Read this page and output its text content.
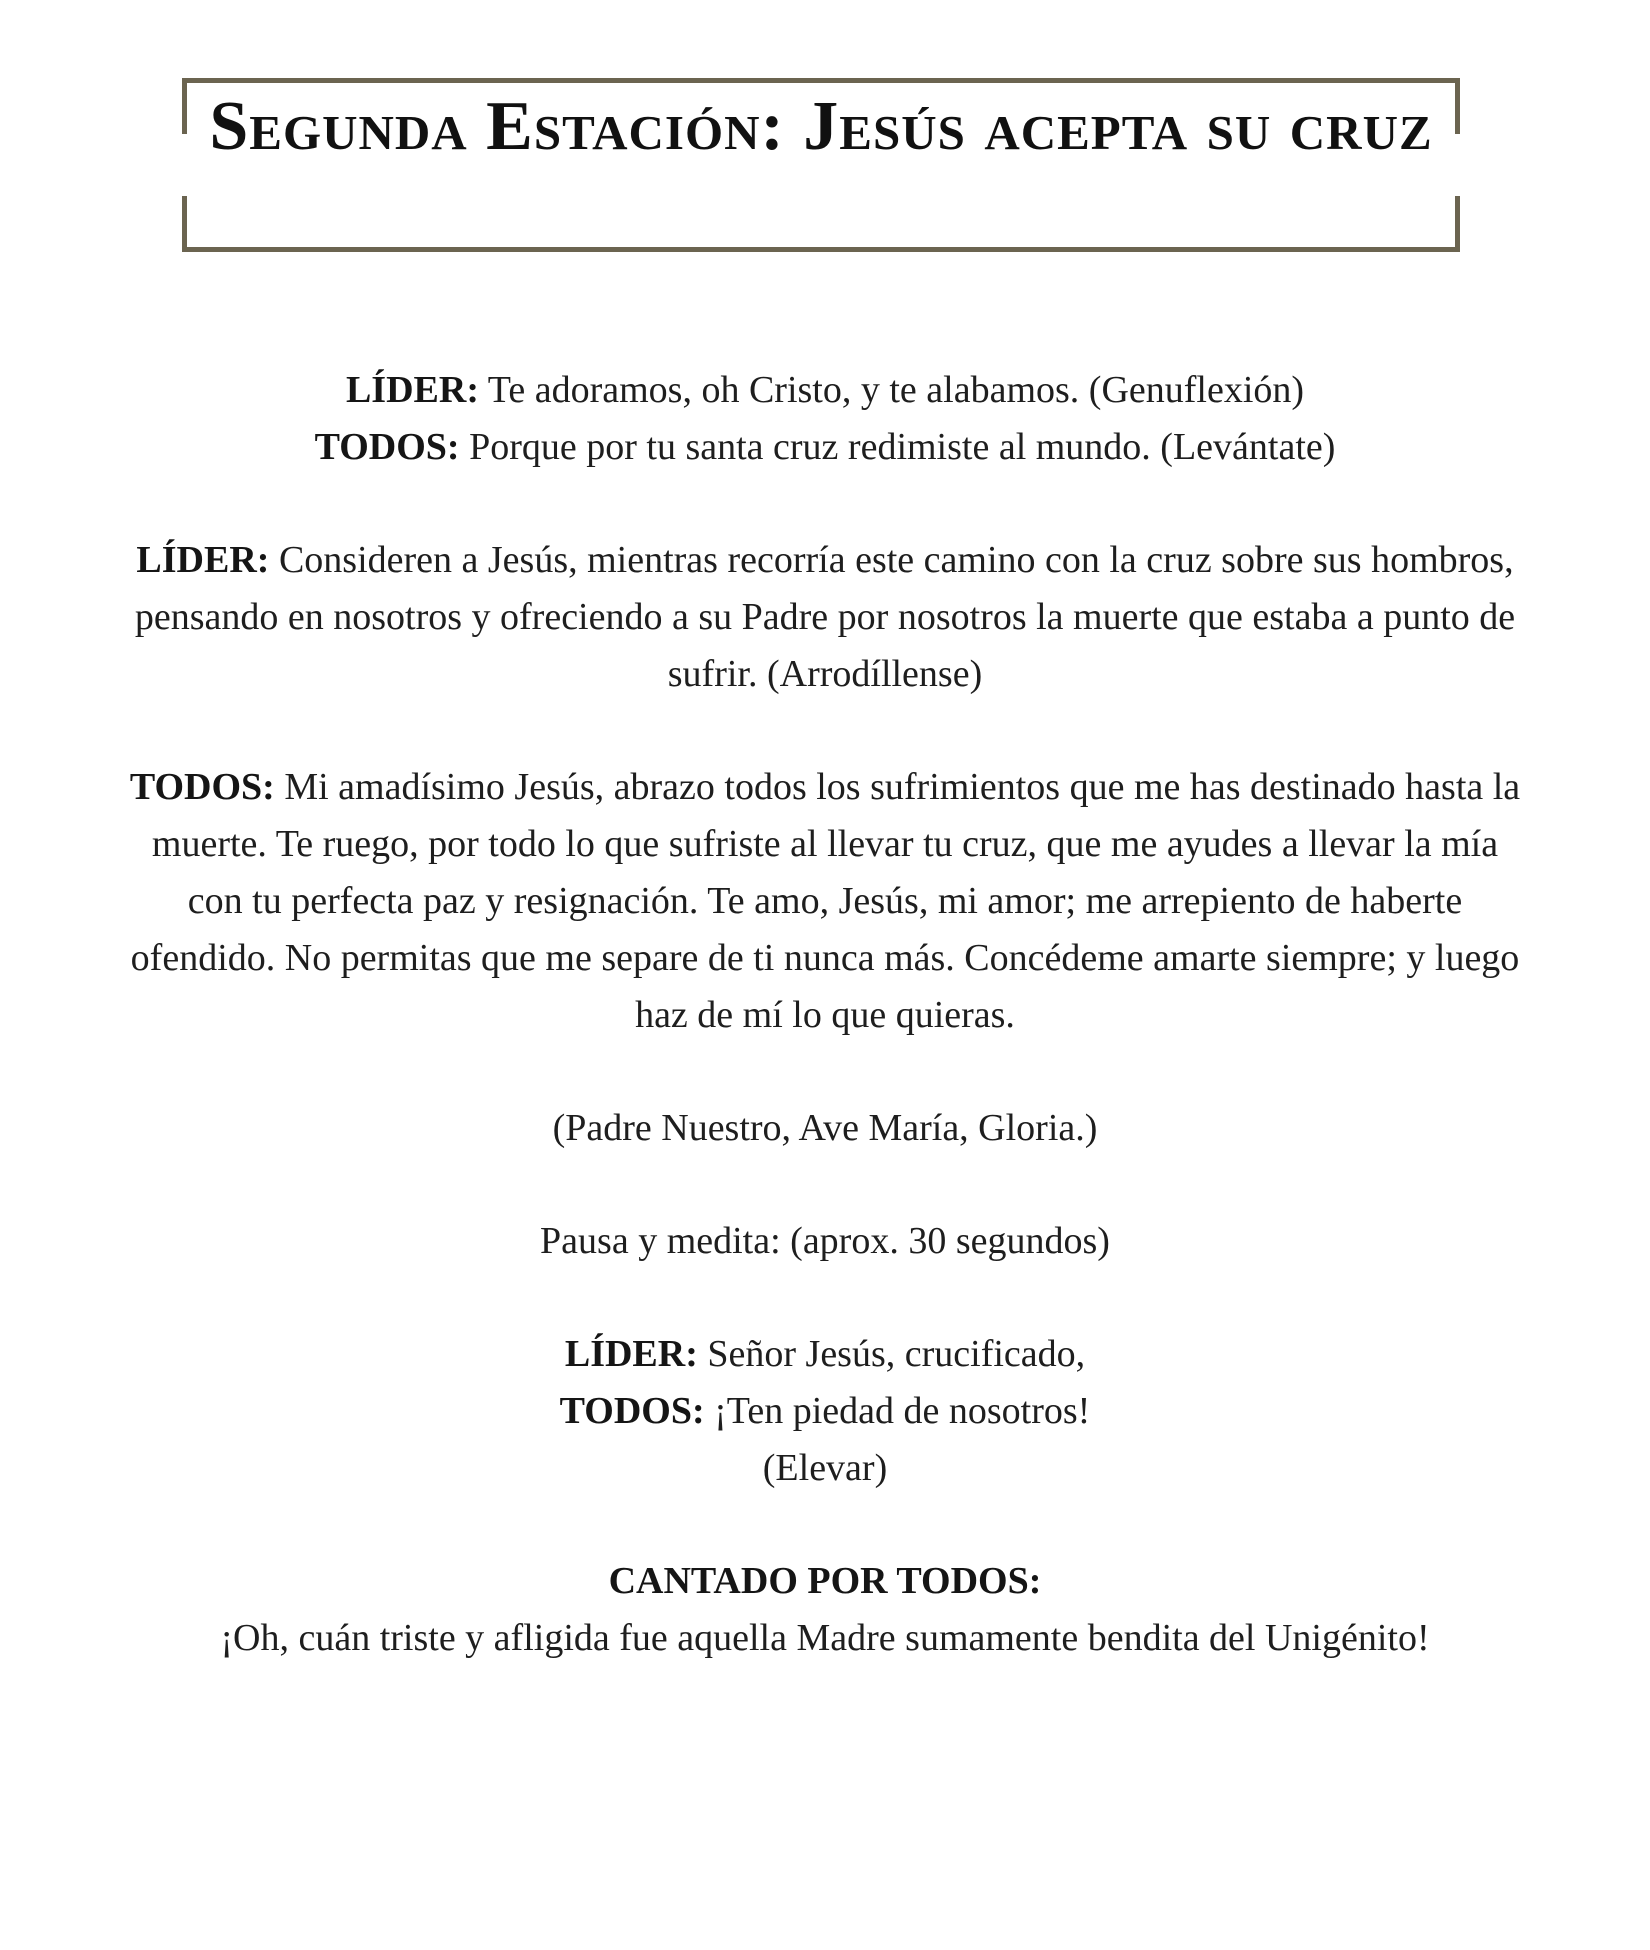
Segunda Estación: Jesús acepta su cruz

LÍDER: Te adoramos, oh Cristo, y te alabamos. (Genuflexión)
TODOS: Porque por tu santa cruz redimiste al mundo. (Levántate)

LÍDER: Consideren a Jesús, mientras recorría este camino con la cruz sobre sus hombros, pensando en nosotros y ofreciendo a su Padre por nosotros la muerte que estaba a punto de sufrir. (Arrodíllense)

TODOS: Mi amadísimo Jesús, abrazo todos los sufrimientos que me has destinado hasta la muerte. Te ruego, por todo lo que sufriste al llevar tu cruz, que me ayudes a llevar la mía con tu perfecta paz y resignación. Te amo, Jesús, mi amor; me arrepiento de haberte ofendido. No permitas que me separe de ti nunca más. Concédeme amarte siempre; y luego haz de mí lo que quieras.

(Padre Nuestro, Ave María, Gloria.)

Pausa y medita: (aprox. 30 segundos)

LÍDER: Señor Jesús, crucificado,
TODOS: ¡Ten piedad de nosotros!
(Elevar)

CANTADO POR TODOS:
¡Oh, cuán triste y afligida fue aquella Madre sumamente bendita del Unigénito!
